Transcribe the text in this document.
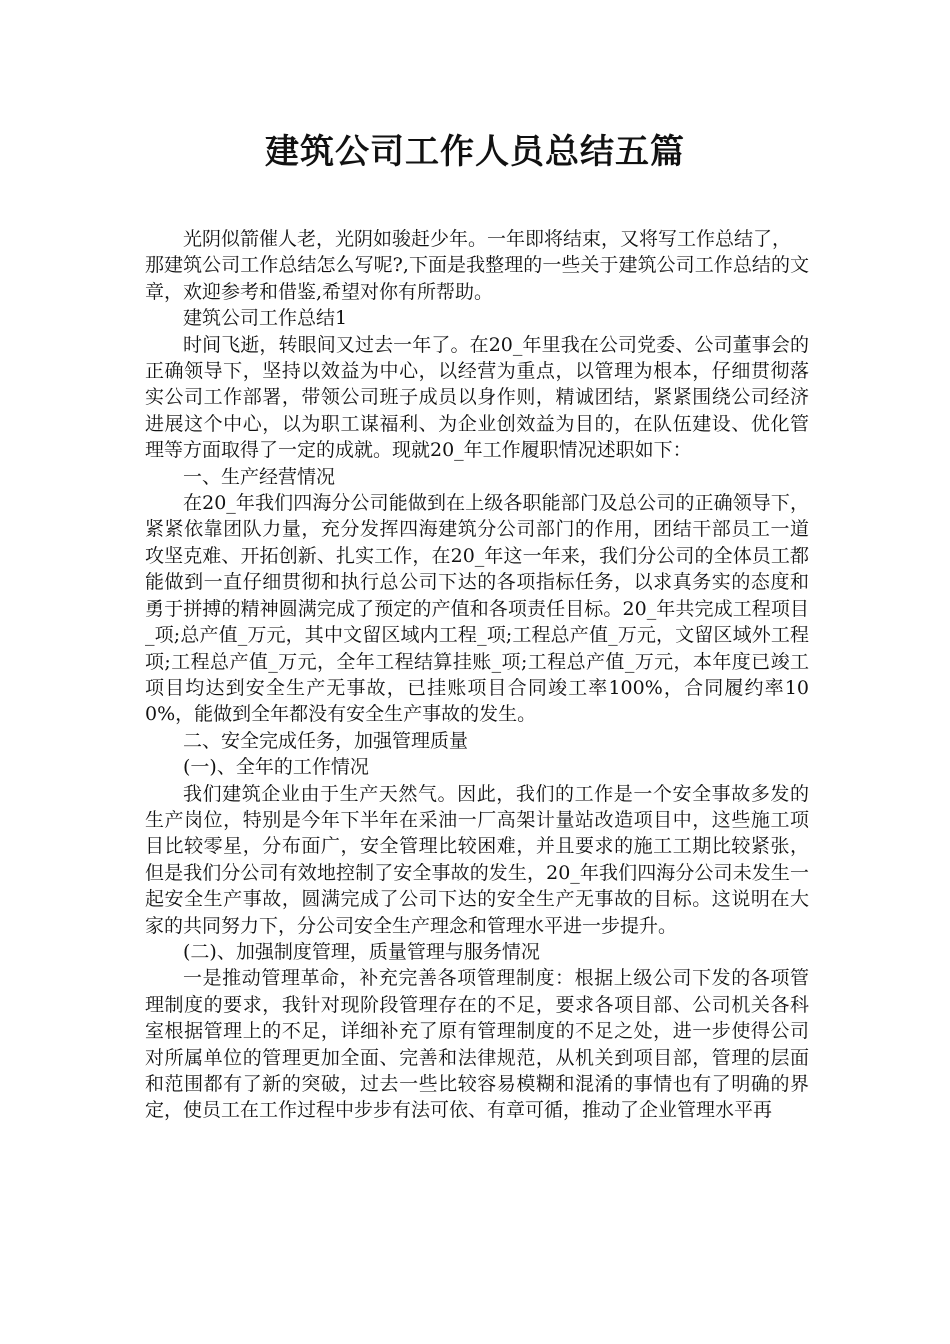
建筑公司工作人员总结五篇

光阴似箭催人老，光阴如骏赶少年。一年即将结束，又将写工作总结了，

那建筑公司工作总结怎么写呢?,下面是我整理的一些关于建筑公司工作总结的文章，欢迎参考和借鉴,希望对你有所帮助。

建筑公司工作总结1

时间飞逝，转眼间又过去一年了。在20_年里我在公司党委、公司董事会的正确领导下，坚持以效益为中心，以经营为重点，以管理为根本，仔细贯彻落实公司工作部署，带领公司班子成员以身作则，精诚团结，紧紧围绕公司经济进展这个中心，以为职工谋福利、为企业创效益为目的，在队伍建设、优化管理等方面取得了一定的成就。现就20_年工作履职情况述职如下：

一、生产经营情况

在20_年我们四海分公司能做到在上级各职能部门及总公司的正确领导下，紧紧依靠团队力量，充分发挥四海建筑分公司部门的作用，团结干部员工一道攻坚克难、开拓创新、扎实工作，在20_年这一年来，我们分公司的全体员工都能做到一直仔细贯彻和执行总公司下达的各项指标任务，以求真务实的态度和勇于拼搏的精神圆满完成了预定的产值和各项责任目标。20_年共完成工程项目_项;总产值_万元，其中文留区域内工程_项;工程总产值_万元，文留区域外工程项;工程总产值_万元，全年工程结算挂账_项;工程总产值_万元，本年度已竣工项目均达到安全生产无事故，已挂账项目合同竣工率100%，合同履约率100%，能做到全年都没有安全生产事故的发生。

二、安全完成任务，加强管理质量

(一)、全年的工作情况

我们建筑企业由于生产天然气。因此，我们的工作是一个安全事故多发的生产岗位，特别是今年下半年在采油一厂高架计量站改造项目中，这些施工项目比较零星，分布面广，安全管理比较困难，并且要求的施工工期比较紧张，但是我们分公司有效地控制了安全事故的发生，20_年我们四海分公司未发生一起安全生产事故，圆满完成了公司下达的安全生产无事故的目标。这说明在大家的共同努力下，分公司安全生产理念和管理水平进一步提升。

(二)、加强制度管理，质量管理与服务情况

一是推动管理革命，补充完善各项管理制度：根据上级公司下发的各项管理制度的要求，我针对现阶段管理存在的不足，要求各项目部、公司机关各科室根据管理上的不足，详细补充了原有管理制度的不足之处，进一步使得公司对所属单位的管理更加全面、完善和法律规范，从机关到项目部，管理的层面和范围都有了新的突破，过去一些比较容易模糊和混淆的事情也有了明确的界定，使员工在工作过程中步步有法可依、有章可循，推动了企业管理水平再
